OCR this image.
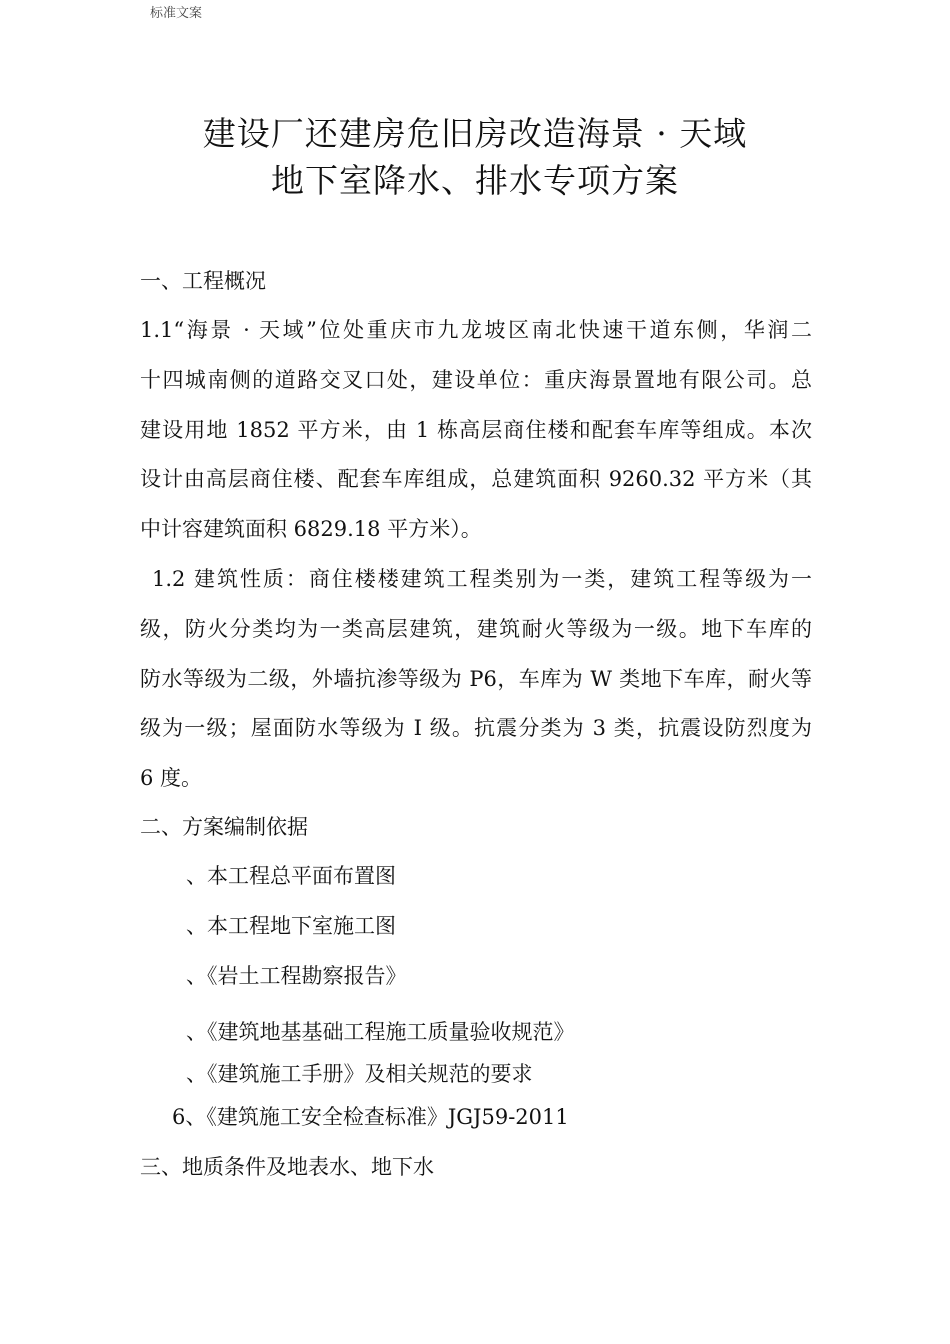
标准文案
建设厂还建房危旧房改造海景 · 天域
地下室降水、排水专项方案
一、工程概况
1.1“海景 · 天域”位处重庆市九龙坡区南北快速干道东侧，华润二
十四城南侧的道路交叉口处，建设单位：重庆海景置地有限公司。总
建设用地 1852 平方米，由 1 栋高层商住楼和配套车库等组成。本次
设计由高层商住楼、配套车库组成，总建筑面积 9260.32 平方米（其
中计容建筑面积 6829.18 平方米）。
1.2 建筑性质：商住楼楼建筑工程类别为一类，建筑工程等级为一
级，防火分类均为一类高层建筑，建筑耐火等级为一级。地下车库的
防水等级为二级，外墙抗渗等级为 P6，车库为 W 类地下车库，耐火等
级为一级；屋面防水等级为 I 级。抗震分类为 3 类，抗震设防烈度为
6 度。
二、方案编制依据
、本工程总平面布置图
、本工程地下室施工图
、《岩土工程勘察报告》
、《建筑地基基础工程施工质量验收规范》
、《建筑施工手册》及相关规范的要求
6、《建筑施工安全检查标准》JGJ59-2011
三、地质条件及地表水、地下水
